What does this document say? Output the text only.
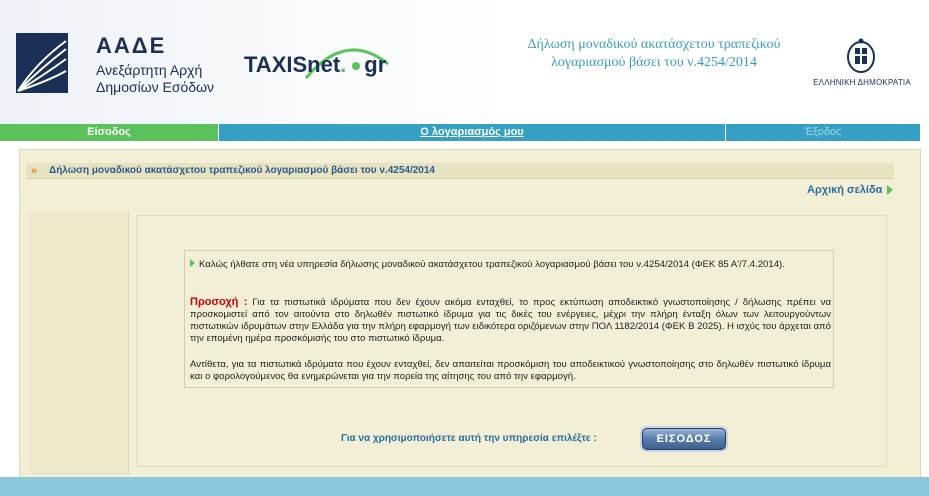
ΑΑΔΕ
Ανεξάρτητη Αρχή
Δημοσίων Εσόδων
TAXISnet. gr
Δήλωση μοναδικού ακατάσχετου τραπεζικού
λογαριασμού βάσει του ν.4254/2014
ΕΛΛΗΝΙΚΗ ΔΗΜΟΚΡΑΤΙΑ
Είσοδος	Ο λογαριασμός μου	Έξοδος
» Δήλωση μοναδικού ακατάσχετου τραπεζικού λογαριασμού βάσει του ν.4254/2014
Αρχική σελίδα
Καλώς ήλθατε στη νέα υπηρεσία δήλωσης μοναδικού ακατάσχετου τραπεζικού λογαριασμού βάσει του ν.4254/2014 (ΦΕΚ 85 Α'/7.4.2014).
Προσοχή : Για τα πιστωτικά ιδρύματα που δεν έχουν ακόμα ενταχθεί, το προς εκτύπωση αποδεικτικό γνωστοποίησης / δήλωσης πρέπει να προσκομιστεί από τον αιτούντα στο δηλωθέν πιστωτικό ίδρυμα για τις δικές του ενέργειες, μέχρι την πλήρη ένταξη όλων των λειτουργούντων πιστωτικών ιδρυμάτων στην Ελλάδα για την πλήρη εφαρμογή των ειδικότερα οριζόμενων στην ΠΟΛ 1182/2014 (ΦΕΚ Β 2025). Η ισχύς του άρχεται από την επομένη ημέρα προσκόμισής του στο πιστωτικό ίδρυμα.
Αντίθετα, για τα πιστωτικά ιδρύματα που έχουν ενταχθεί, δεν απαιτείται προσκόμιση του αποδεικτικού γνωστοποίησης στο δηλωθέν πιστωτικό ίδρυμα και ο φορολογούμενος θα ενημερώνεται για την πορεία της αίτησης του από την εφαρμογή.
Για να χρησιμοποιήσετε αυτή την υπηρεσία επιλέξτε :	ΕΙΣΟΔΟΣ
